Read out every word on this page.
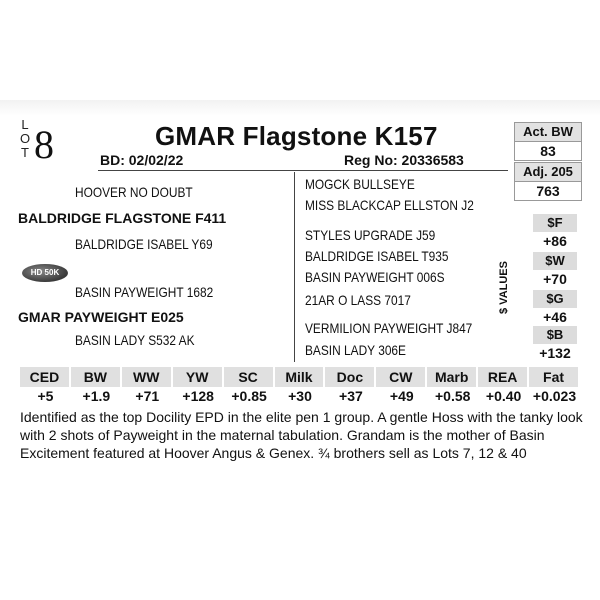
L
O
T 8	GMAR Flagstone K157
BD: 02/02/22	Reg No: 20336583
HOOVER NO DOUBT
BALDRIDGE FLAGSTONE F411
BALDRIDGE ISABEL Y69
HD 50K
BASIN PAYWEIGHT 1682
GMAR PAYWEIGHT E025
BASIN LADY S532 AK
MOGCK BULLSEYE
MISS BLACKCAP ELLSTON J2
STYLES UPGRADE J59
BALDRIDGE ISABEL T935
BASIN PAYWEIGHT 006S
21AR O LASS 7017
VERMILION PAYWEIGHT J847
BASIN LADY 306E
Act. BW
83
Adj. 205
763
$ VALUES
$F
+86
$W
+70
$G
+46
$B
+132
CED	BW	WW	YW	SC	Milk	Doc	CW	Marb	REA	Fat
+5	+1.9	+71	+128	+0.85	+30	+37	+49	+0.58	+0.40 +0.023
Identified as the top Docility EPD in the elite pen 1 group. A gentle Hoss with the tanky look with 2 shots of Payweight in the maternal tabulation. Grandam is the mother of Basin Excitement featured at Hoover Angus & Genex. ¾ brothers sell as Lots 7, 12 & 40
